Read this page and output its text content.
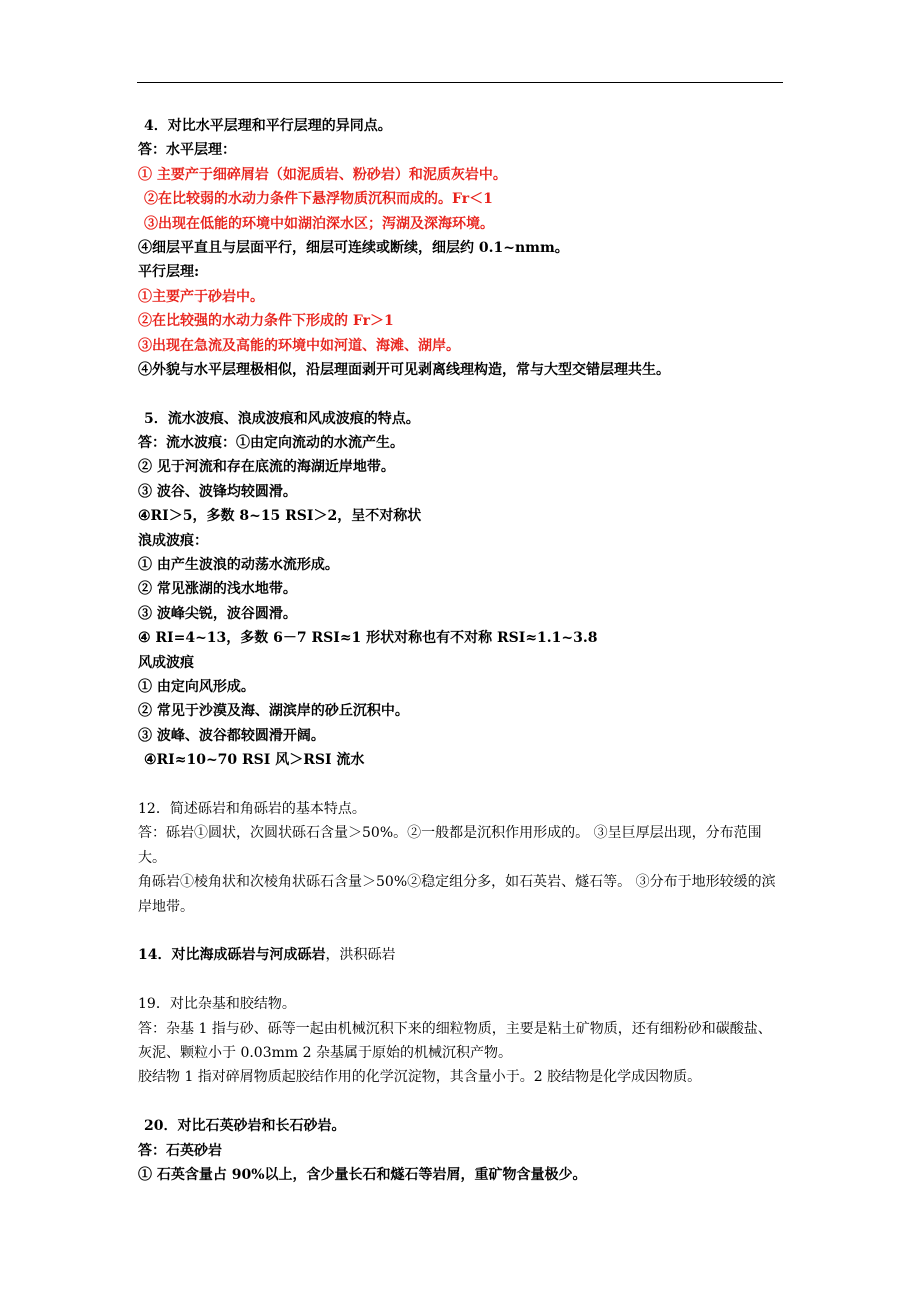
4．对比水平层理和平行层理的异同点。
答：水平层理：
① 主要产于细碎屑岩（如泥质岩、粉砂岩）和泥质灰岩中。
②在比较弱的水动力条件下悬浮物质沉积而成的。Fr＜1
③出现在低能的环境中如湖泊深水区；泻湖及深海环境。
④细层平直且与层面平行，细层可连续或断续，细层约 0.1~nmm。
平行层理:
①主要产于砂岩中。
②在比较强的水动力条件下形成的 Fr＞1
③出现在急流及高能的环境中如河道、海滩、湖岸。
④外貌与水平层理极相似，沿层理面剥开可见剥离线理构造，常与大型交错层理共生。
5．流水波痕、浪成波痕和风成波痕的特点。
答：流水波痕：①由定向流动的水流产生。
② 见于河流和存在底流的海湖近岸地带。
③ 波谷、波锋均较圆滑。
④RI＞5，多数 8~15 RSI＞2，呈不对称状
浪成波痕：
① 由产生波浪的动荡水流形成。
② 常见涨湖的浅水地带。
③ 波峰尖锐，波谷圆滑。
④ RI=4~13，多数 6－7 RSI≈1 形状对称也有不对称 RSI≈1.1~3.8
风成波痕
① 由定向风形成。
② 常见于沙漠及海、湖滨岸的砂丘沉积中。
③ 波峰、波谷都较圆滑开阔。
④RI≈10~70 RSI 风＞RSI 流水
12．简述砾岩和角砾岩的基本特点。
答：砾岩①圆状，次圆状砾石含量＞50%。②一般都是沉积作用形成的。 ③呈巨厚层出现，分布范围大。
角砾岩①棱角状和次棱角状砾石含量＞50%②稳定组分多，如石英岩、燧石等。 ③分布于地形较缓的滨岸地带。
14．对比海成砾岩与河成砾岩，洪积砾岩
19．对比杂基和胶结物。
答：杂基 1 指与砂、砾等一起由机械沉积下来的细粒物质，主要是粘土矿物质，还有细粉砂和碳酸盐、灰泥、颗粒小于 0.03mm 2 杂基属于原始的机械沉积产物。
胶结物 1 指对碎屑物质起胶结作用的化学沉淀物，其含量小于。2 胶结物是化学成因物质。
20．对比石英砂岩和长石砂岩。
答：石英砂岩
① 石英含量占 90%以上，含少量长石和燧石等岩屑，重矿物含量极少。
